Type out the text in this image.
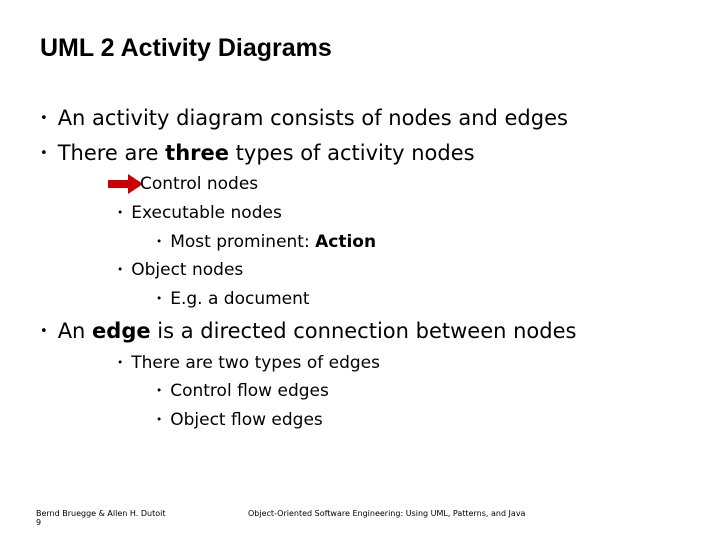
UML 2 Activity Diagrams
• An activity diagram consists of nodes and edges
• There are three types of activity nodes
Control nodes
• Executable nodes
• Most prominent: Action
• Object nodes
• E.g. a document
• An edge is a directed connection between nodes
• There are two types of edges
• Control flow edges
• Object flow edges
Bernd Bruegge & Allen H. Dutoit
9
Object-Oriented Software Engineering: Using UML, Patterns, and Java
